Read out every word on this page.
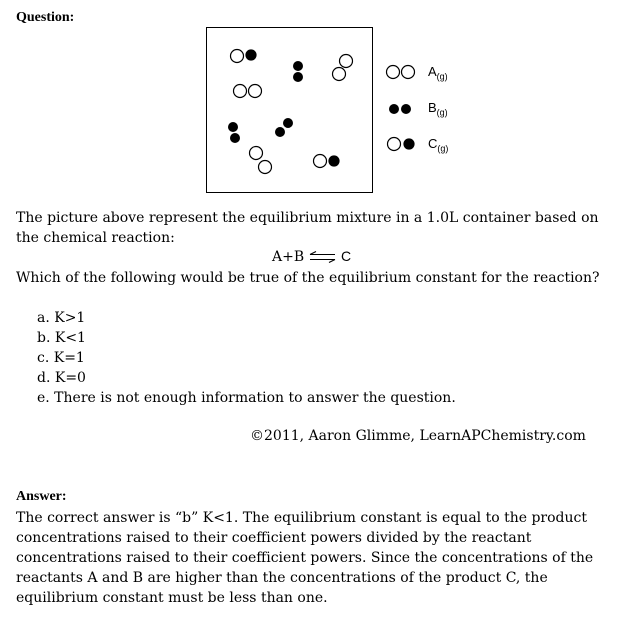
Question:
$A_{(g)}$
$B_{(g)}$
$C_{(g)}$
The picture above represent the equilibrium mixture in a 1.0L container based on the chemical reaction:
A+B ⇌ C
Which of the following would be true of the equilibrium constant for the reaction?
a. K>1
b. K<1
c. K=1
d. K=0
e. There is not enough information to answer the question.
©2011, Aaron Glimme, LearnAPChemistry.com
Answer:
The correct answer is “b” K<1. The equilibrium constant is equal to the product concentrations raised to their coefficient powers divided by the reactant concentrations raised to their coefficient powers. Since the concentrations of the reactants A and B are higher than the concentrations of the product C, the equilibrium constant must be less than one.
